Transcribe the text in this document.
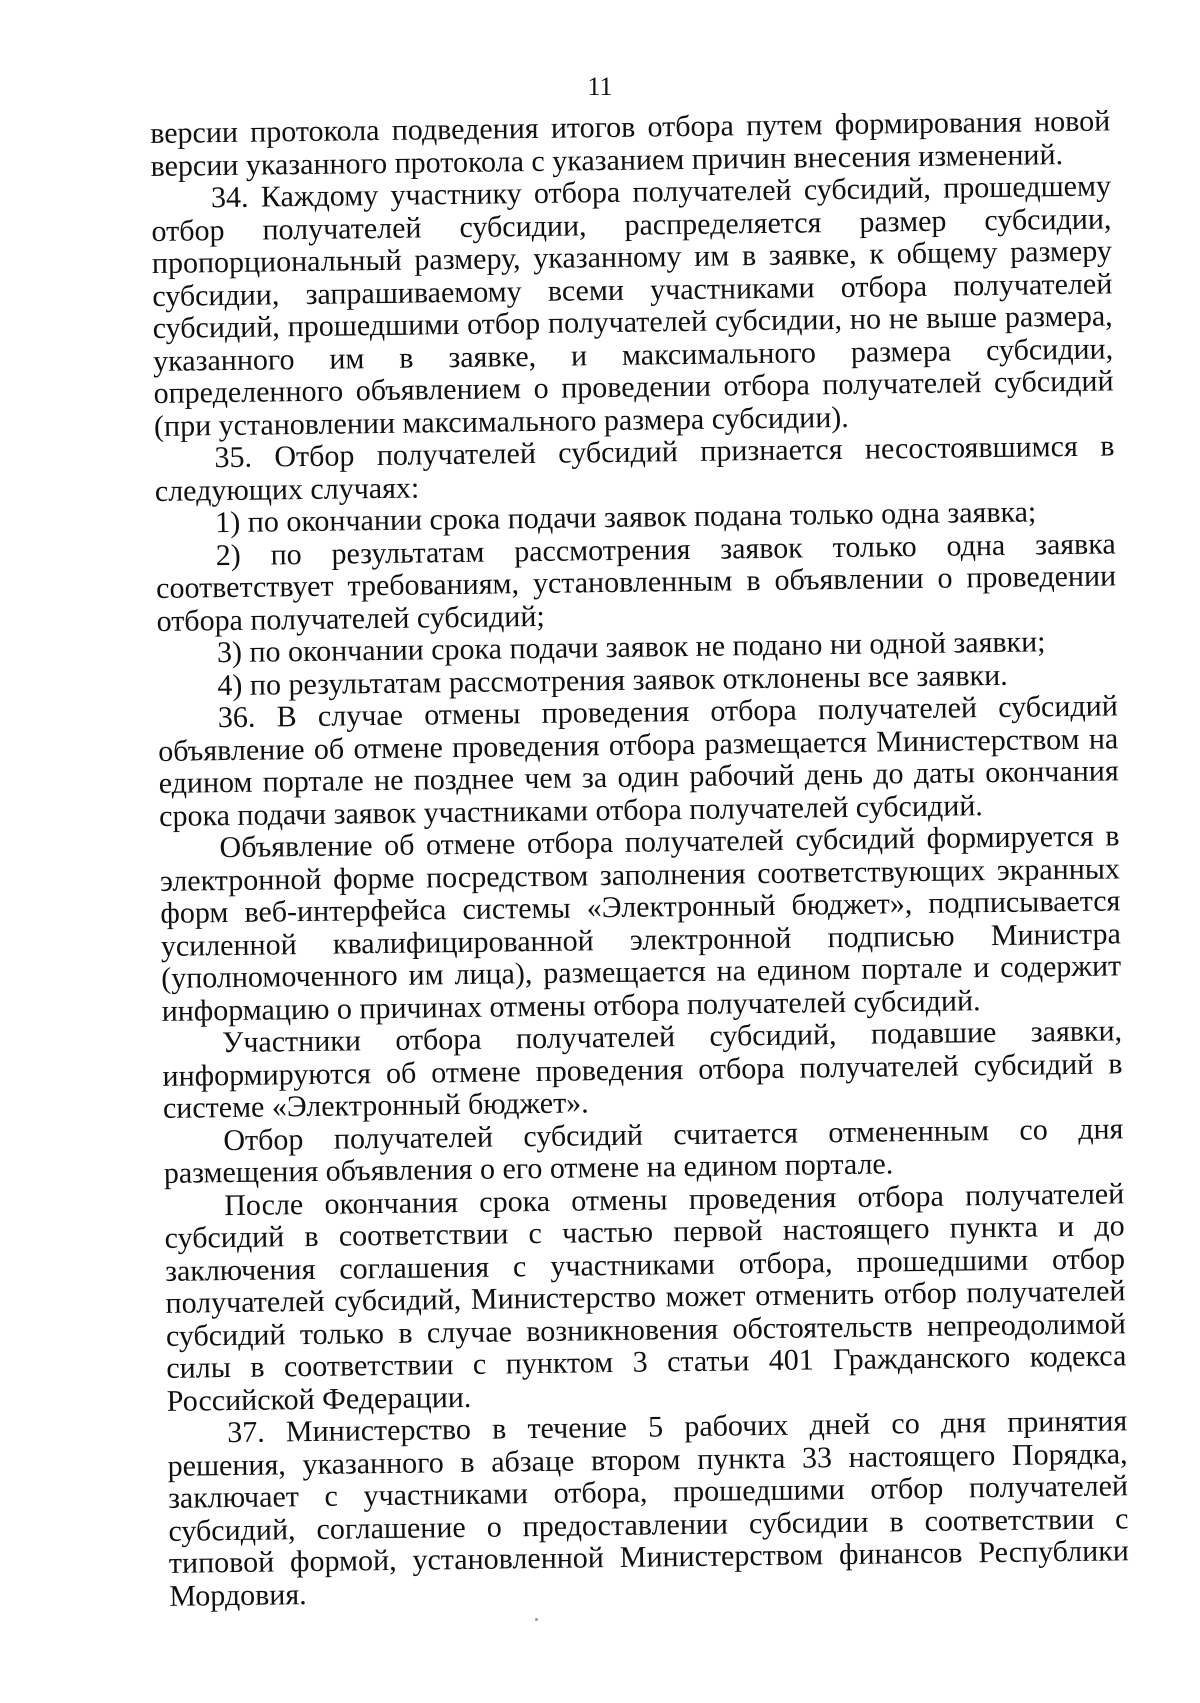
11

версии протокола подведения итогов отбора путем формирования новой версии указанного протокола с указанием причин внесения изменений.

34. Каждому участнику отбора получателей субсидий, прошедшему отбор получателей субсидии, распределяется размер субсидии, пропорциональный размеру, указанному им в заявке, к общему размеру субсидии, запрашиваемому всеми участниками отбора получателей субсидий, прошедшими отбор получателей субсидии, но не выше размера, указанного им в заявке, и максимального размера субсидии, определенного объявлением о проведении отбора получателей субсидий (при установлении максимального размера субсидии).

35. Отбор получателей субсидий признается несостоявшимся в следующих случаях:

1) по окончании срока подачи заявок подана только одна заявка;

2) по результатам рассмотрения заявок только одна заявка соответствует требованиям, установленным в объявлении о проведении отбора получателей субсидий;

3) по окончании срока подачи заявок не подано ни одной заявки;

4) по результатам рассмотрения заявок отклонены все заявки.

36. В случае отмены проведения отбора получателей субсидий объявление об отмене проведения отбора размещается Министерством на едином портале не позднее чем за один рабочий день до даты окончания срока подачи заявок участниками отбора получателей субсидий.

Объявление об отмене отбора получателей субсидий формируется в электронной форме посредством заполнения соответствующих экранных форм веб-интерфейса системы «Электронный бюджет», подписывается усиленной квалифицированной электронной подписью Министра (уполномоченного им лица), размещается на едином портале и содержит информацию о причинах отмены отбора получателей субсидий.

Участники отбора получателей субсидий, подавшие заявки, информируются об отмене проведения отбора получателей субсидий в системе «Электронный бюджет».

Отбор получателей субсидий считается отмененным со дня размещения объявления о его отмене на едином портале.

После окончания срока отмены проведения отбора получателей субсидий в соответствии с частью первой настоящего пункта и до заключения соглашения с участниками отбора, прошедшими отбор получателей субсидий, Министерство может отменить отбор получателей субсидий только в случае возникновения обстоятельств непреодолимой силы в соответствии с пунктом 3 статьи 401 Гражданского кодекса Российской Федерации.

37. Министерство в течение 5 рабочих дней со дня принятия решения, указанного в абзаце втором пункта 33 настоящего Порядка, заключает с участниками отбора, прошедшими отбор получателей субсидий, соглашение о предоставлении субсидии в соответствии с типовой формой, установленной Министерством финансов Республики Мордовия.
